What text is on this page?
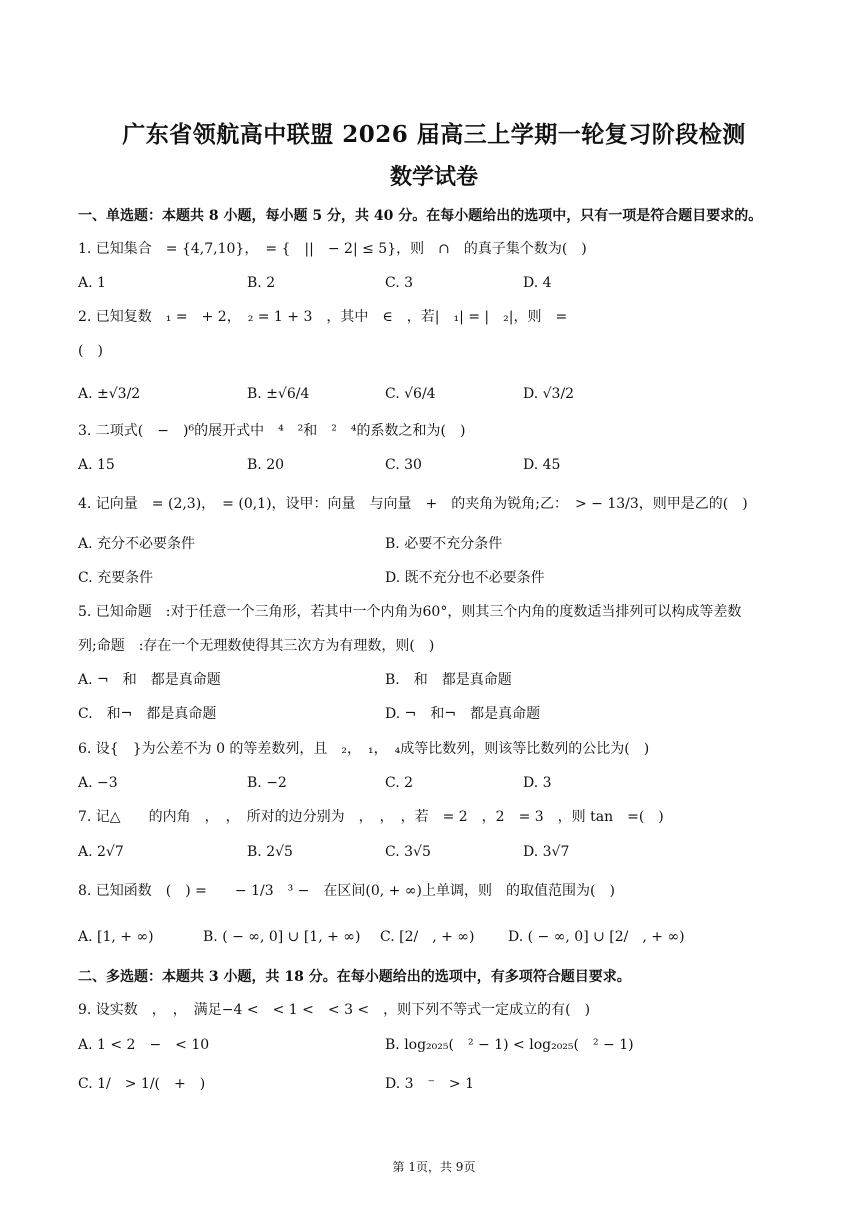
广东省领航高中联盟 2026 届高三上学期一轮复习阶段检测
数学试卷
一、单选题：本题共 8 小题，每小题 5 分，共 40 分。在每小题给出的选项中，只有一项是符合题目要求的。
1. 已知集合　= {4,7,10}，　= {　||　− 2| ≤ 5}，则　∩　的真子集个数为(　)
A. 1	B. 2	C. 3	D. 4
2. 已知复数　₁ =　+ 2，　₂ = 1 + 3　，其中　∈　，若|　₁| = |　₂|，则　=
(　)
A. ±√3/2	B. ±√6/4	C. √6/4	D. √3/2
3. 二项式(　−　)⁶的展开式中　⁴　²和　²　⁴的系数之和为(　)
A. 15	B. 20	C. 30	D. 45
4. 记向量　= (2,3)，　= (0,1)，设甲：向量　与向量　+　的夹角为锐角;乙：　> − 13/3，则甲是乙的(　)
A. 充分不必要条件	B. 必要不充分条件
C. 充要条件	D. 既不充分也不必要条件
5. 已知命题　:对于任意一个三角形，若其中一个内角为60°，则其三个内角的度数适当排列可以构成等差数
列;命题　:存在一个无理数使得其三次方为有理数，则(　)
A. ¬　和　都是真命题	B.　和　都是真命题
C.　和¬　都是真命题	D. ¬　和¬　都是真命题
6. 设{　}为公差不为 0 的等差数列，且　₂，　₁，　₄成等比数列，则该等比数列的公比为(　)
A. −3	B. −2	C. 2	D. 3
7. 记△　　的内角　，　，　所对的边分别为　，　，　，若　= 2　，2　= 3　，则 tan　=(　)
A. 2√7	B. 2√5	C. 3√5	D. 3√7
8. 已知函数　(　) =　　− 1/3　³ −　在区间(0, + ∞)上单调，则　的取值范围为(　)
A. [1, + ∞)	B. ( − ∞, 0] ∪ [1, + ∞) C. [2/　, + ∞) D. ( − ∞, 0] ∪ [2/　, + ∞)
二、多选题：本题共 3 小题，共 18 分。在每小题给出的选项中，有多项符合题目要求。
9. 设实数　，　，　满足−4 <　< 1 <　< 3 <　，则下列不等式一定成立的有(　)
A. 1 < 2　−　< 10	B. log₂₀₂₅(　² − 1) < log₂₀₂₅(　² − 1)
C. 1/　> 1/(　+　)	D. 3　⁻　> 1
第 1页，共 9页
